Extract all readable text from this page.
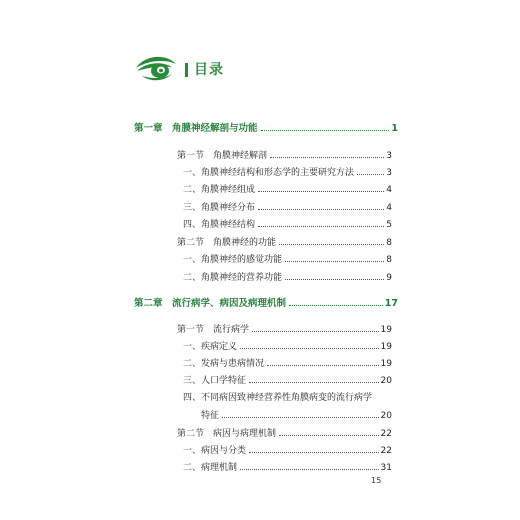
目录
第一章　角膜神经解剖与功能	1
第一节　角膜神经解剖	3
一、角膜神经结构和形态学的主要研究方法	3
二、角膜神经组成	4
三、角膜神经分布	4
四、角膜神经结构	5
第二节　角膜神经的功能	8
一、角膜神经的感觉功能	8
二、角膜神经的营养功能	9
第二章　流行病学、病因及病理机制	17
第一节　流行病学	19
一、疾病定义	19
二、发病与患病情况	19
三、人口学特征	20
四、不同病因致神经营养性角膜病变的流行病学
特征	20
第二节　病因与病理机制	22
一、病因与分类	22
二、病理机制	31
15
